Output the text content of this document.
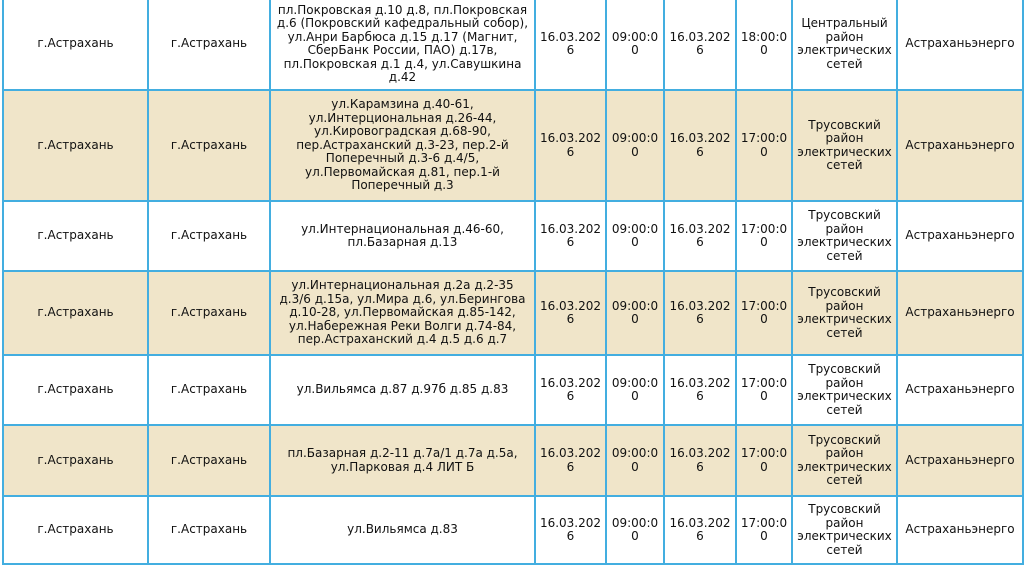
г.Астрахань	г.Астрахань	пл.Покровская д.10 д.8, пл.Покровская д.6 (Покровский кафедральный собор), ул.Анри Барбюса д.15 д.17 (Магнит, СберБанк России, ПАО) д.17в, пл.Покровская д.1 д.4, ул.Савушкина д.42	16.03.2026	09:00:00	16.03.2026	18:00:00	Центральный район электрических сетей	Астраханьэнерго
г.Астрахань	г.Астрахань	ул.Карамзина д.40-61, ул.Интерциональная д.26-44, ул.Кировоградская д.68-90, пер.Астраханский д.3-23, пер.2-й Поперечный д.3-6 д.4/5, ул.Первомайская д.81, пер.1-й Поперечный д.3	16.03.2026	09:00:00	16.03.2026	17:00:00	Трусовский район электрических сетей	Астраханьэнерго
г.Астрахань	г.Астрахань	ул.Интернациональная д.46-60, пл.Базарная д.13	16.03.2026	09:00:00	16.03.2026	17:00:00	Трусовский район электрических сетей	Астраханьэнерго
г.Астрахань	г.Астрахань	ул.Интернациональная д.2а д.2-35 д.3/6 д.15а, ул.Мира д.6, ул.Берингова д.10-28, ул.Первомайская д.85-142, ул.Набережная Реки Волги д.74-84, пер.Астраханский д.4 д.5 д.6 д.7	16.03.2026	09:00:00	16.03.2026	17:00:00	Трусовский район электрических сетей	Астраханьэнерго
г.Астрахань	г.Астрахань	ул.Вильямса д.87 д.97б д.85 д.83	16.03.2026	09:00:00	16.03.2026	17:00:00	Трусовский район электрических сетей	Астраханьэнерго
г.Астрахань	г.Астрахань	пл.Базарная д.2-11 д.7а/1 д.7а д.5а, ул.Парковая д.4 ЛИТ Б	16.03.2026	09:00:00	16.03.2026	17:00:00	Трусовский район электрических сетей	Астраханьэнерго
г.Астрахань	г.Астрахань	ул.Вильямса д.83	16.03.2026	09:00:00	16.03.2026	17:00:00	Трусовский район электрических сетей	Астраханьэнерго
